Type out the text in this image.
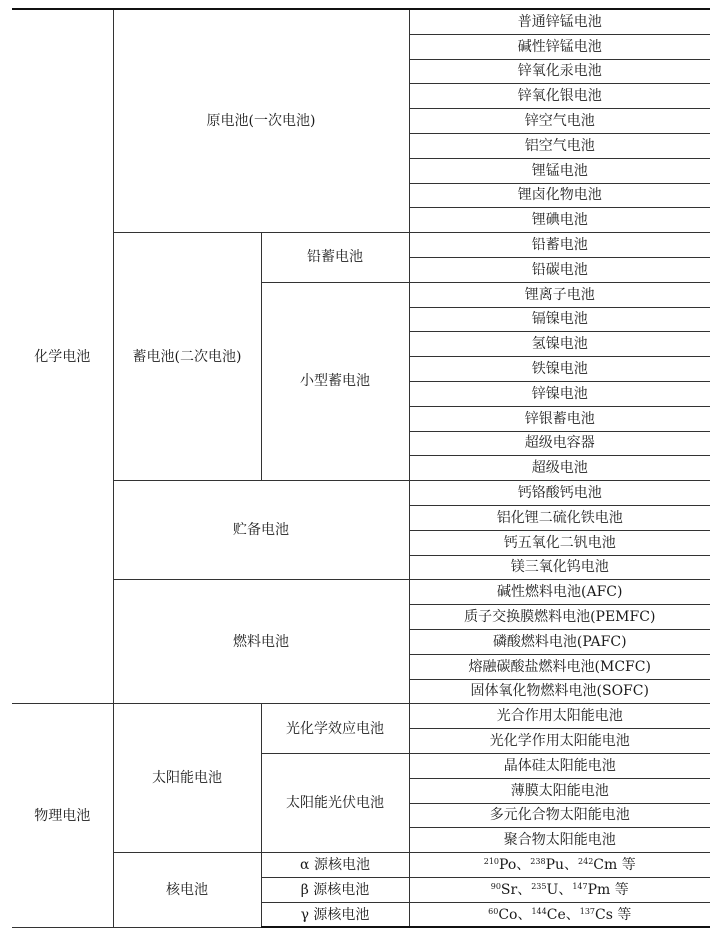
化学电池	原电池(一次电池)		普通锌锰电池
			碱性锌锰电池
			锌氧化汞电池
			锌氧化银电池
			锌空气电池
			铝空气电池
			锂锰电池
			锂卤化物电池
			锂碘电池
	蓄电池(二次电池)	铅蓄电池	铅蓄电池
			铅碳电池
		小型蓄电池	锂离子电池
			镉镍电池
			氢镍电池
			铁镍电池
			锌镍电池
			锌银蓄电池
			超级电容器
			超级电池
	贮备电池		钙铬酸钙电池
			铝化锂二硫化铁电池
			钙五氧化二钒电池
			镁三氧化钨电池
	燃料电池		碱性燃料电池(AFC)
			质子交换膜燃料电池(PEMFC)
			磷酸燃料电池(PAFC)
			熔融碳酸盐燃料电池(MCFC)
			固体氧化物燃料电池(SOFC)
物理电池	太阳能电池	光化学效应电池	光合作用太阳能电池
			光化学作用太阳能电池
		太阳能光伏电池	晶体硅太阳能电池
			薄膜太阳能电池
			多元化合物太阳能电池
			聚合物太阳能电池
	核电池	α 源核电池	$^{210}$Po、$^{238}$Pu、$^{242}$Cm 等
		β 源核电池	$^{90}$Sr、$^{235}$U、$^{147}$Pm 等
		γ 源核电池	$^{60}$Co、$^{144}$Ce、$^{137}$Cs 等
